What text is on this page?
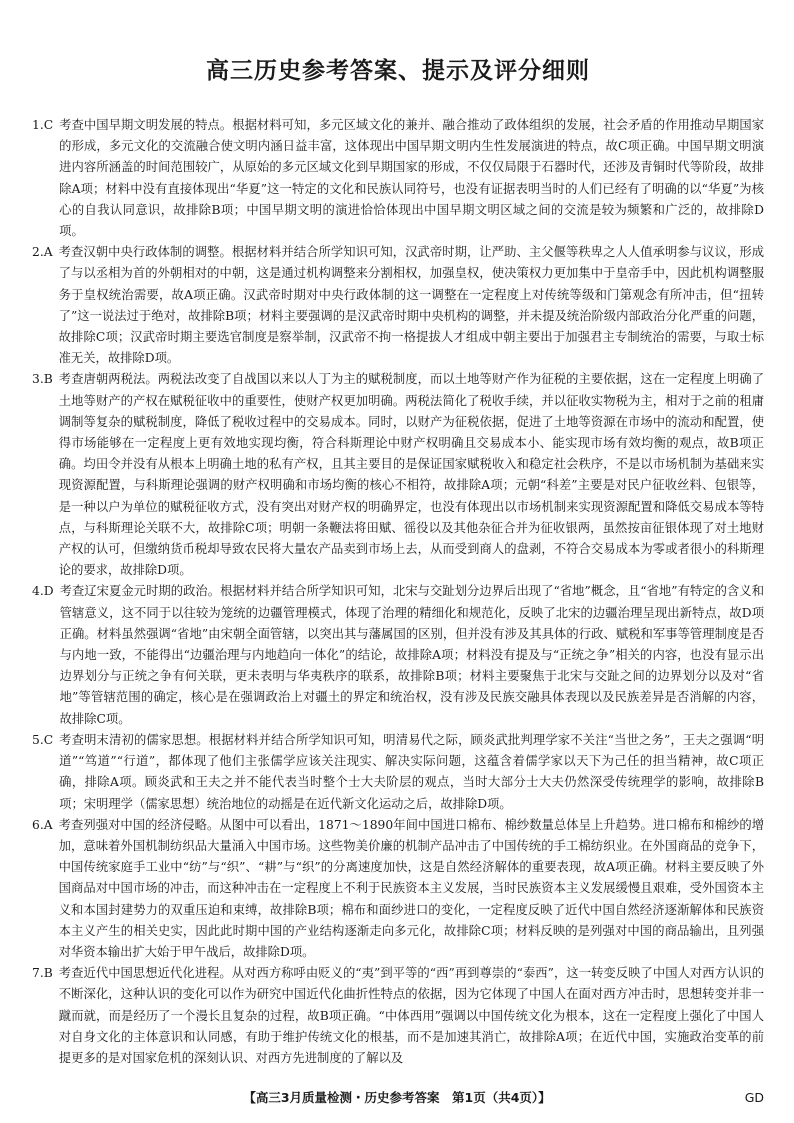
高三历史参考答案、提示及评分细则
1.C 考查中国早期文明发展的特点。根据材料可知，多元区域文化的兼并、融合推动了政体组织的发展，社会矛盾的作用推动早期国家的形成，多元文化的交流融合使文明内涵日益丰富，这体现出中国早期文明内生性发展演进的特点，故C项正确。中国早期文明演进内容所涵盖的时间范围较广，从原始的多元区域文化到早期国家的形成，不仅仅局限于石器时代，还涉及青铜时代等阶段，故排除A项；材料中没有直接体现出“华夏”这一特定的文化和民族认同符号，也没有证据表明当时的人们已经有了明确的以“华夏”为核心的自我认同意识，故排除B项；中国早期文明的演进恰恰体现出中国早期文明区域之间的交流是较为频繁和广泛的，故排除D项。
2.A 考查汉朝中央行政体制的调整。根据材料并结合所学知识可知，汉武帝时期，让严助、主父偃等秩卑之人人值承明参与议议，形成了与以丞相为首的外朝相对的中朝，这是通过机构调整来分割相权，加强皇权，使决策权力更加集中于皇帝手中，因此机构调整服务于皇权统治需要，故A项正确。汉武帝时期对中央行政体制的这一调整在一定程度上对传统等级和门第观念有所冲击，但“扭转了”这一说法过于绝对，故排除B项；材料主要强调的是汉武帝时期中央机构的调整，并未提及统治阶级内部政治分化严重的问题，故排除C项；汉武帝时期主要选官制度是察举制，汉武帝不拘一格提拔人才组成中朝主要出于加强君主专制统治的需要，与取士标准无关，故排除D项。
3.B 考查唐朝两税法。两税法改变了自战国以来以人丁为主的赋税制度，而以土地等财产作为征税的主要依据，这在一定程度上明确了土地等财产的产权在赋税征收中的重要性，使财产权更加明确。两税法简化了税收手续，并以征收实物税为主，相对于之前的租庸调制等复杂的赋税制度，降低了税收过程中的交易成本。同时，以财产为征税依据，促进了土地等资源在市场中的流动和配置，使得市场能够在一定程度上更有效地实现均衡，符合科斯理论中财产权明确且交易成本小、能实现市场有效均衡的观点，故B项正确。均田令并没有从根本上明确土地的私有产权，且其主要目的是保证国家赋税收入和稳定社会秩序，不是以市场机制为基础来实现资源配置，与科斯理论强调的财产权明确和市场均衡的核心不相符，故排除A项；元朝“科差”主要是对民户征收丝料、包银等，是一种以户为单位的赋税征收方式，没有突出对财产权的明确界定，也没有体现出以市场机制来实现资源配置和降低交易成本等特点，与科斯理论关联不大，故排除C项；明朝一条鞭法将田赋、徭役以及其他杂征合并为征收银两，虽然按亩征银体现了对土地财产权的认可，但缴纳货币税却导致农民将大量农产品卖到市场上去，从而受到商人的盘剥，不符合交易成本为零或者很小的科斯理论的要求，故排除D项。
4.D 考查辽宋夏金元时期的政治。根据材料并结合所学知识可知，北宋与交趾划分边界后出现了“省地”概念，且“省地”有特定的含义和管辖意义，这不同于以往较为笼统的边疆管理模式，体现了治理的精细化和规范化，反映了北宋的边疆治理呈现出新特点，故D项正确。材料虽然强调“省地”由宋朝全面管辖，以突出其与藩属国的区别，但并没有涉及其具体的行政、赋税和军事等管理制度是否与内地一致，不能得出“边疆治理与内地趋向一体化”的结论，故排除A项；材料没有提及与“正统之争”相关的内容，也没有显示出边界划分与正统之争有何关联，更未表明与华夷秩序的联系，故排除B项；材料主要聚焦于北宋与交趾之间的边界划分以及对“省地”等管辖范围的确定，核心是在强调政治上对疆土的界定和统治权，没有涉及民族交融具体表现以及民族差异是否消解的内容，故排除C项。
5.C 考查明末清初的儒家思想。根据材料并结合所学知识可知，明清易代之际，顾炎武批判理学家不关注“当世之务”，王夫之强调“明道”“笃道”“行道”，都体现了他们主张儒学应该关注现实、解决实际问题，这蕴含着儒学家以天下为己任的担当精神，故C项正确，排除A项。顾炎武和王夫之并不能代表当时整个士大夫阶层的观点，当时大部分士大夫仍然深受传统理学的影响，故排除B项；宋明理学（儒家思想）统治地位的动摇是在近代新文化运动之后，故排除D项。
6.A 考查列强对中国的经济侵略。从图中可以看出，1871～1890年间中国进口棉布、棉纱数量总体呈上升趋势。进口棉布和棉纱的增加，意味着外国机制纺织品大量涌入中国市场。这些物美价廉的机制产品冲击了中国传统的手工棉纺织业。在外国商品的竞争下，中国传统家庭手工业中“纺”与“织”、“耕”与“织”的分离速度加快，这是自然经济解体的重要表现，故A项正确。材料主要反映了外国商品对中国市场的冲击，而这种冲击在一定程度上不利于民族资本主义发展，当时民族资本主义发展缓慢且艰难，受外国资本主义和本国封建势力的双重压迫和束缚，故排除B项；棉布和面纱进口的变化，一定程度反映了近代中国自然经济逐渐解体和民族资本主义产生的相关史实，因此此时期中国的产业结构逐渐走向多元化，故排除C项；材料反映的是列强对中国的商品输出，且列强对华资本输出扩大始于甲午战后，故排除D项。
7.B 考查近代中国思想近代化进程。从对西方称呼由贬义的“夷”到平等的“西”再到尊崇的“泰西”，这一转变反映了中国人对西方认识的不断深化，这种认识的变化可以作为研究中国近代化曲折性特点的依据，因为它体现了中国人在面对西方冲击时，思想转变并非一蹴而就，而是经历了一个漫长且复杂的过程，故B项正确。“中体西用”强调以中国传统文化为根本，这在一定程度上强化了中国人对自身文化的主体意识和认同感，有助于维护传统文化的根基，而不是加速其消亡，故排除A项；在近代中国，实施政治变革的前提更多的是对国家危机的深刻认识、对西方先进制度的了解以及
【高三3月质量检测・历史参考答案　第1页（共4页）】	GD
